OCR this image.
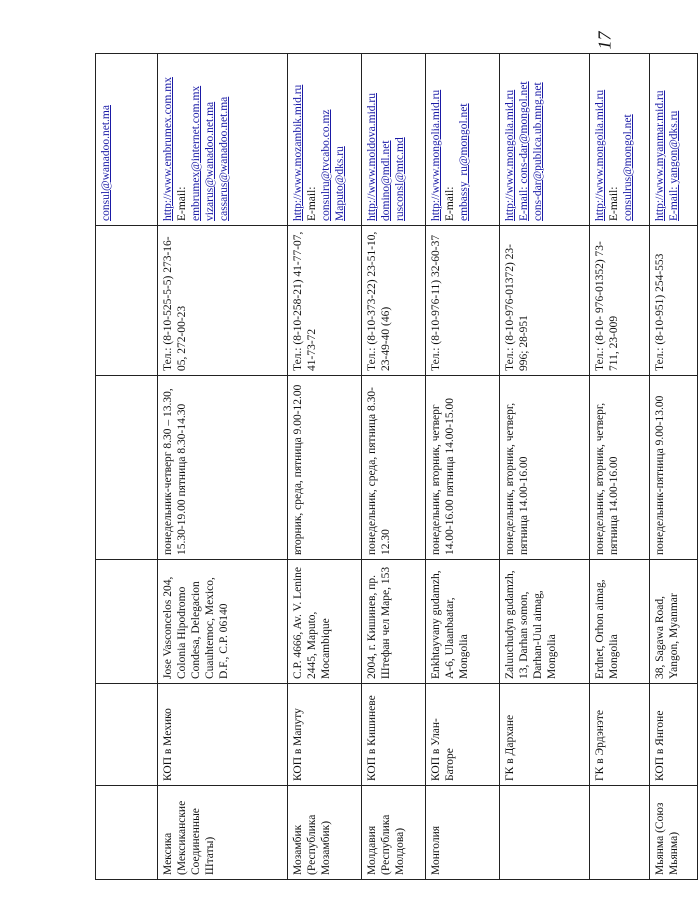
17

					consul@wanadoo.net.ma

Мексика (Мексиканские Соединенные Штаты)	КОП в Мехико	Jose Vasconcelos 204, Colonia Hipodromo Condesa, Delegacion Cuauhtemoc, Mexico, D.F., C.P. 06140	понедельник-четверг 8.30 – 13.30, 15.30-19.00 пятница 8.30-14.30	Тел.: (8-10-525-5-5) 273-16-05, 272-00-23	http://www.embrumex.com.mx E-mail: embrumex@internet.com.mx vizarus@wanadoo.net.ma cassarus@wanadoo.net.ma

Мозамбик (Республика Мозамбик)	КОП в Мапуту	C.P. 4666, Av. V. Lenine 2445, Maputo, Mocambique	вторник, среда, пятница 9.00-12.00	Тел.: (8-10-258-21) 41-77-07, 41-73-72	http://www.mozambik.mid.ru E-mail: consulru@tvcabo.co.mz Maputo@dks.ru

Молдавия (Республика Молдова)	КОП в Кишиневе	2004, г. Кишинев, пр. Штефан чел Маре, 153	понедельник, среда, пятница 8.30-12.30	Тел.: (8-10-373-22) 23-51-10, 23-49-40 (46)	http://www.moldova.mid.ru domino@mdl.net rusconsl@mtc.md

Монголия	КОП в Улан-Баторе	Enkhtayvany gudamzh, A-6, Ulaanbaatar, Mongolia	понедельник, вторник, четверг 14.00-16.00 пятница 14.00-15.00	Тел.: (8-10-976-11) 32-60-37	http://www.mongolia.mid.ru E-mail: embassy_ru@mongol.net

	ГК в Дархане	Zaluuchudyn gudamzh, 13, Darhan somon, Darhan-Uul aimag, Mongolia	понедельник, вторник, четверг, пятница 14.00-16.00	Тел.: (8-10-976-01372) 23-996; 28-951	http://www.mongolia.mid.ru E-mail: cons-dar@mongol.net cons-dar@publica.ub.mng.net

	ГК в Эрдэнэте	Erdnet, Orhon aimag, Mongolia	понедельник, вторник, четверг, пятница 14.00-16.00	Тел.: (8-10- 976-01352) 73-711, 23-009	http://www.mongolia.mid.ru E-mail: consulrus@mongol.net

Мьянма (Союз Мьянма)	КОП в Янгоне	38, Sagawa Road, Yangon, Myanmar	понедельник-пятница 9.00-13.00	Тел.: (8-10-951) 254-553	http://www.myanmar.mid.ru E-mail: yangon@dks.ru
